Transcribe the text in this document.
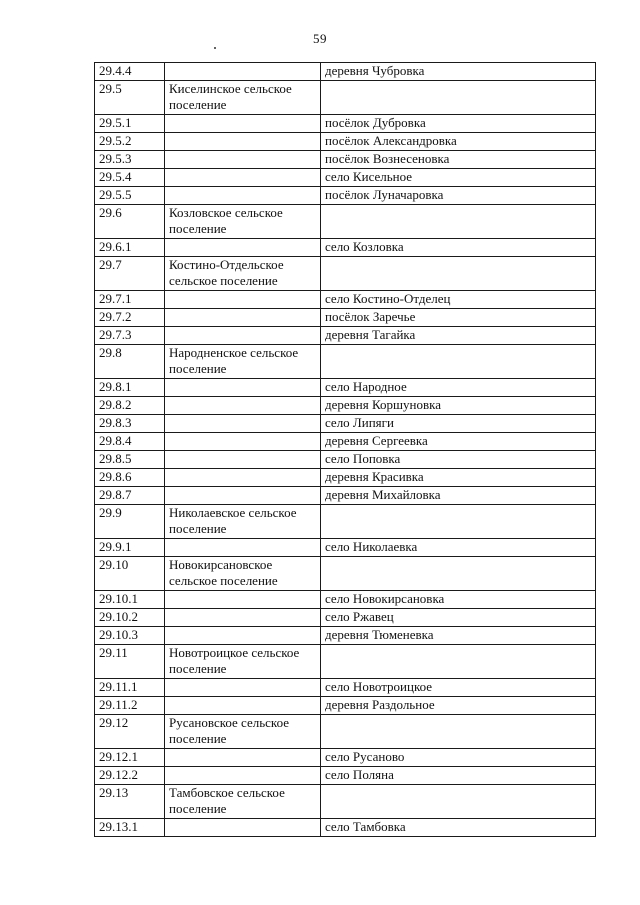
59
29.4.4		деревня Чубровка
29.5	Киселинское сельское поселение	
29.5.1		посёлок Дубровка
29.5.2		посёлок Александровка
29.5.3		посёлок Вознесеновка
29.5.4		село Кисельное
29.5.5		посёлок Луначаровка
29.6	Козловское сельское поселение	
29.6.1		село Козловка
29.7	Костино-Отдельское сельское поселение	
29.7.1		село Костино-Отделец
29.7.2		посёлок Заречье
29.7.3		деревня Тагайка
29.8	Народненское сельское поселение	
29.8.1		село Народное
29.8.2		деревня Коршуновка
29.8.3		село Липяги
29.8.4		деревня Сергеевка
29.8.5		село Поповка
29.8.6		деревня Красивка
29.8.7		деревня Михайловка
29.9	Николаевское сельское поселение	
29.9.1		село Николаевка
29.10	Новокирсановское сельское поселение	
29.10.1		село Новокирсановка
29.10.2		село Ржавец
29.10.3		деревня Тюменевка
29.11	Новотроицкое сельское поселение	
29.11.1		село Новотроицкое
29.11.2		деревня Раздольное
29.12	Русановское сельское поселение	
29.12.1		село Русаново
29.12.2		село Поляна
29.13	Тамбовское сельское поселение	
29.13.1		село Тамбовка
